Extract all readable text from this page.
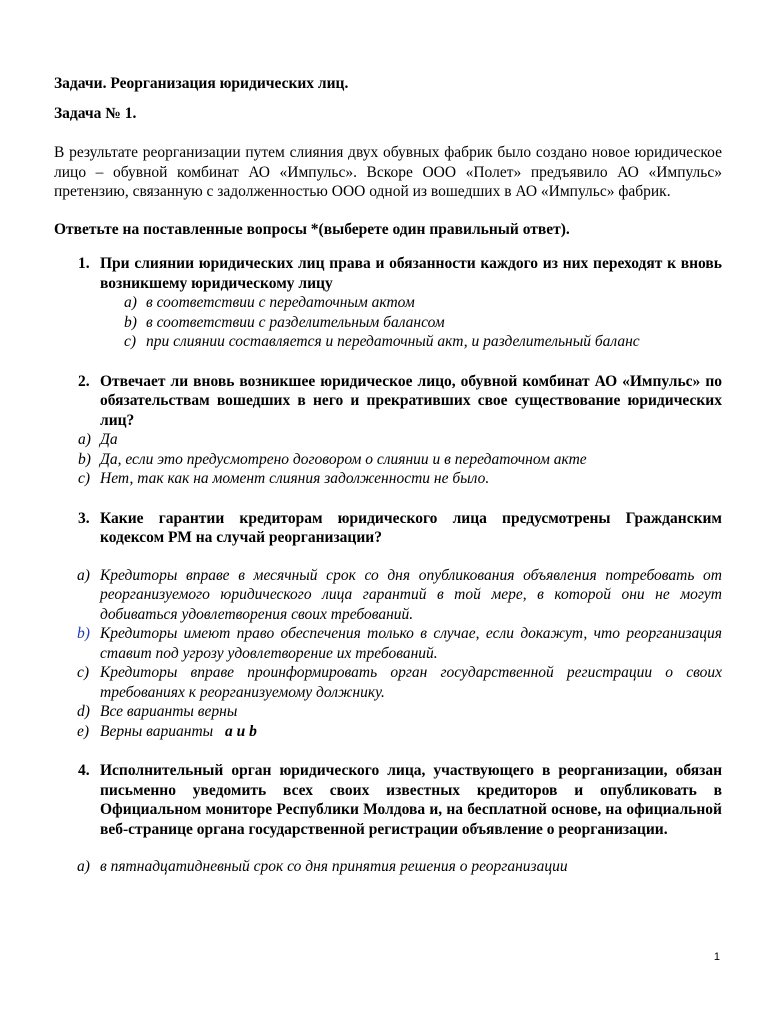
Задачи. Реорганизация юридических лиц.
Задача № 1.
В результате реорганизации путем слияния двух обувных фабрик было создано новое юридическое лицо – обувной комбинат АО «Импульс». Вскоре ООО «Полет» предъявило АО «Импульс» претензию, связанную с задолженностью ООО одной из вошедших в АО «Импульс» фабрик.
Ответьте на поставленные вопросы *(выберете один правильный ответ).
1. При слиянии юридических лиц права и обязанности каждого из них переходят к вновь возникшему юридическому лицу
a) в соответствии с передаточным актом
b) в соответствии с разделительным балансом
c) при слиянии составляется и передаточный акт, и разделительный баланс
2. Отвечает ли вновь возникшее юридическое лицо, обувной комбинат АО «Импульс» по обязательствам вошедших в него и прекративших свое существование юридических лиц?
a) Да
b) Да, если это предусмотрено договором о слиянии и в передаточном акте
c) Нет, так как на момент слияния задолженности не было.
3. Какие гарантии кредиторам юридического лица предусмотрены Гражданским кодексом РМ на случай реорганизации?
a) Кредиторы вправе в месячный срок со дня опубликования объявления потребовать от реорганизуемого юридического лица гарантий в той мере, в которой они не могут добиваться удовлетворения своих требований.
b) Кредиторы имеют право обеспечения только в случае, если докажут, что реорганизация ставит под угрозу удовлетворение их требований.
c) Кредиторы вправе проинформировать орган государственной регистрации о своих требованиях к реорганизуемому должнику.
d) Все варианты верны
e) Верны варианты a и b
4. Исполнительный орган юридического лица, участвующего в реорганизации, обязан письменно уведомить всех своих известных кредиторов и опубликовать в Официальном мониторе Республики Молдова и, на бесплатной основе, на официальной веб-странице органа государственной регистрации объявление о реорганизации.
a) в пятнадцатидневный срок со дня принятия решения о реорганизации
1
